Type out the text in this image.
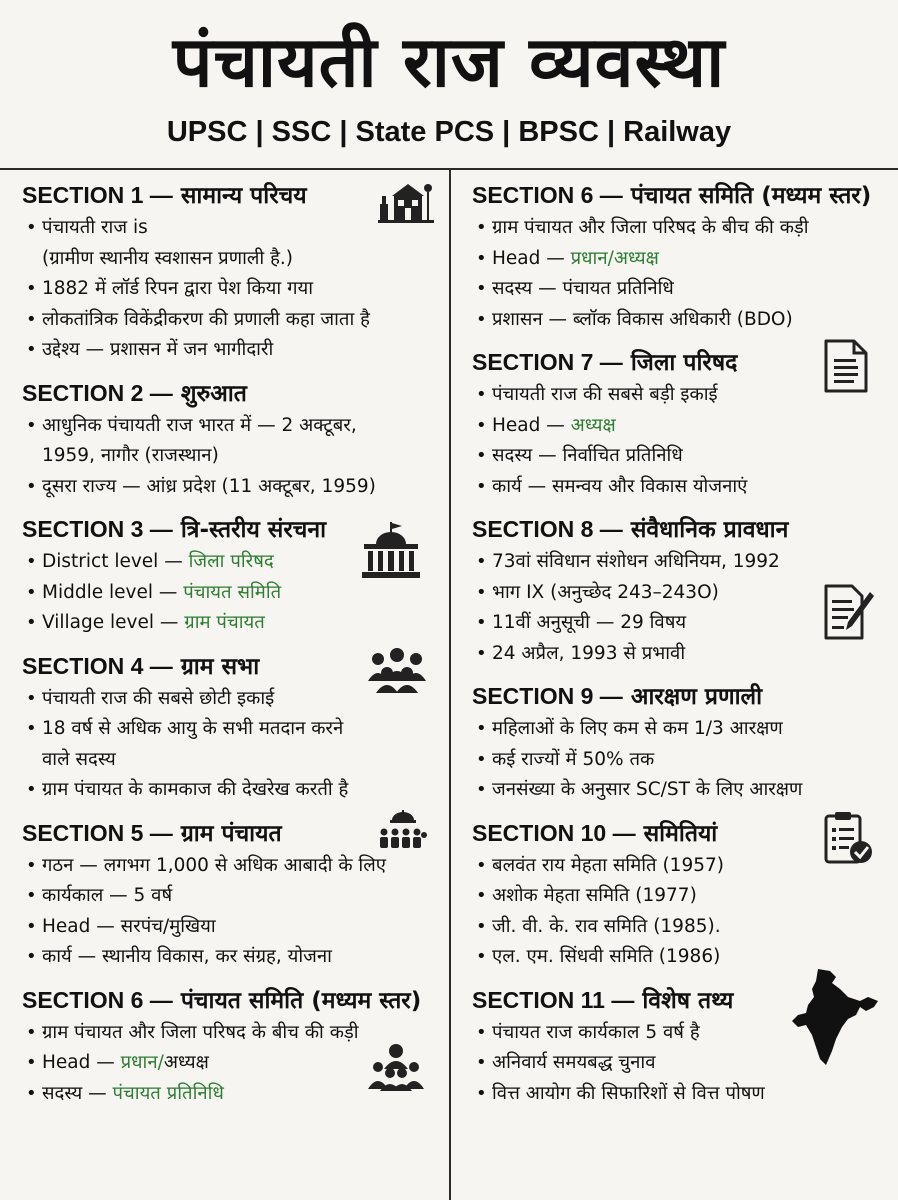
पंचायती राज व्यवस्था
UPSC | SSC | State PCS | BPSC | Railway
SECTION 1 — सामान्य परिचय
• पंचायती राज is
(ग्रामीण स्थानीय स्वशासन प्रणाली है.)
• 1882 में लॉर्ड रिपन द्वारा पेश किया गया
• लोकतांत्रिक विकेंद्रीकरण की प्रणाली कहा जाता है
• उद्देश्य — प्रशासन में जन भागीदारी
SECTION 2 — शुरुआत
• आधुनिक पंचायती राज भारत में — 2 अक्टूबर,
1959, नागौर (राजस्थान)
• दूसरा राज्य — आंध्र प्रदेश (11 अक्टूबर, 1959)
SECTION 3 — त्रि-स्तरीय संरचना
• District level — जिला परिषद
• Middle level — पंचायत समिति
• Village level — ग्राम पंचायत
SECTION 4 — ग्राम सभा
• पंचायती राज की सबसे छोटी इकाई
• 18 वर्ष से अधिक आयु के सभी मतदान करने
वाले सदस्य
• ग्राम पंचायत के कामकाज की देखरेख करती है
SECTION 5 — ग्राम पंचायत
• गठन — लगभग 1,000 से अधिक आबादी के लिए
• कार्यकाल — 5 वर्ष
• Head — सरपंच/मुखिया
• कार्य — स्थानीय विकास, कर संग्रह, योजना
SECTION 6 — पंचायत समिति (मध्यम स्तर)
• ग्राम पंचायत और जिला परिषद के बीच की कड़ी
• Head — प्रधान/अध्यक्ष
• सदस्य — पंचायत प्रतिनिधि
SECTION 6 — पंचायत समिति (मध्यम स्तर)
• ग्राम पंचायत और जिला परिषद के बीच की कड़ी
• Head — प्रधान/अध्यक्ष
• सदस्य — पंचायत प्रतिनिधि
• प्रशासन — ब्लॉक विकास अधिकारी (BDO)
SECTION 7 — जिला परिषद
• पंचायती राज की सबसे बड़ी इकाई
• Head — अध्यक्ष
• सदस्य — निर्वाचित प्रतिनिधि
• कार्य — समन्वय और विकास योजनाएं
SECTION 8 — संवैधानिक प्रावधान
• 73वां संविधान संशोधन अधिनियम, 1992
• भाग IX (अनुच्छेद 243–243O)
• 11वीं अनुसूची — 29 विषय
• 24 अप्रैल, 1993 से प्रभावी
SECTION 9 — आरक्षण प्रणाली
• महिलाओं के लिए कम से कम 1/3 आरक्षण
• कई राज्यों में 50% तक
• जनसंख्या के अनुसार SC/ST के लिए आरक्षण
SECTION 10 — समितियां
• बलवंत राय मेहता समिति (1957)
• अशोक मेहता समिति (1977)
• जी. वी. के. राव समिति (1985).
• एल. एम. सिंधवी समिति (1986)
SECTION 11 — विशेष तथ्य
• पंचायत राज कार्यकाल 5 वर्ष है
• अनिवार्य समयबद्ध चुनाव
• वित्त आयोग की सिफारिशों से वित्त पोषण
